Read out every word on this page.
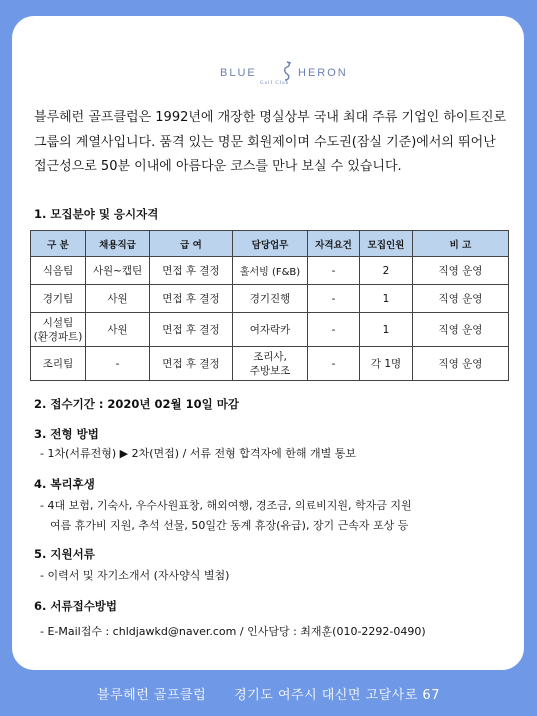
BLUE	HERON
Golf Club

블루헤런 골프클럽은 1992년에 개장한 명실상부 국내 최대 주류 기업인 하이트진로 그룹의 계열사입니다. 품격 있는 명문 회원제이며 수도권(잠실 기준)에서의 뛰어난 접근성으로 50분 이내에 아름다운 코스를 만나 보실 수 있습니다.

1. 모집분야 및 응시자격

2. 접수기간 : 2020년 02월 10일 마감

3. 전형 방법

- 1차(서류전형) ▶ 2차(면접) / 서류 전형 합격자에 한해 개별 통보

4. 복리후생

- 4대 보험, 기숙사, 우수사원표창, 해외여행, 경조금, 의료비지원, 학자금 지원

여름 휴가비 지원, 추석 선물, 50일간 동계 휴장(유급), 장기 근속자 포상 등

5. 지원서류

- 이력서 및 자기소개서 (자사양식 별첨)

6. 서류접수방법

- E-Mail접수 : chldjawkd@naver.com / 인사담당 : 최재훈(010-2292-0490)

구 분	채용직급	급 여	담당업무	자격요건	모집인원	비 고
식음팀	사원~캡틴	면접 후 결정	홀서빙 (F&B)	-	2	직영 운영
경기팀	사원	면접 후 결정	경기진행	-	1	직영 운영
시설팀
(환경파트)	사원	면접 후 결정	여자락카	-	1	직영 운영
조리팀	-	면접 후 결정	조리사,
주방보조	-	각 1명	직영 운영
블루헤런 골프클럽 경기도 여주시 대신면 고달사로 67
